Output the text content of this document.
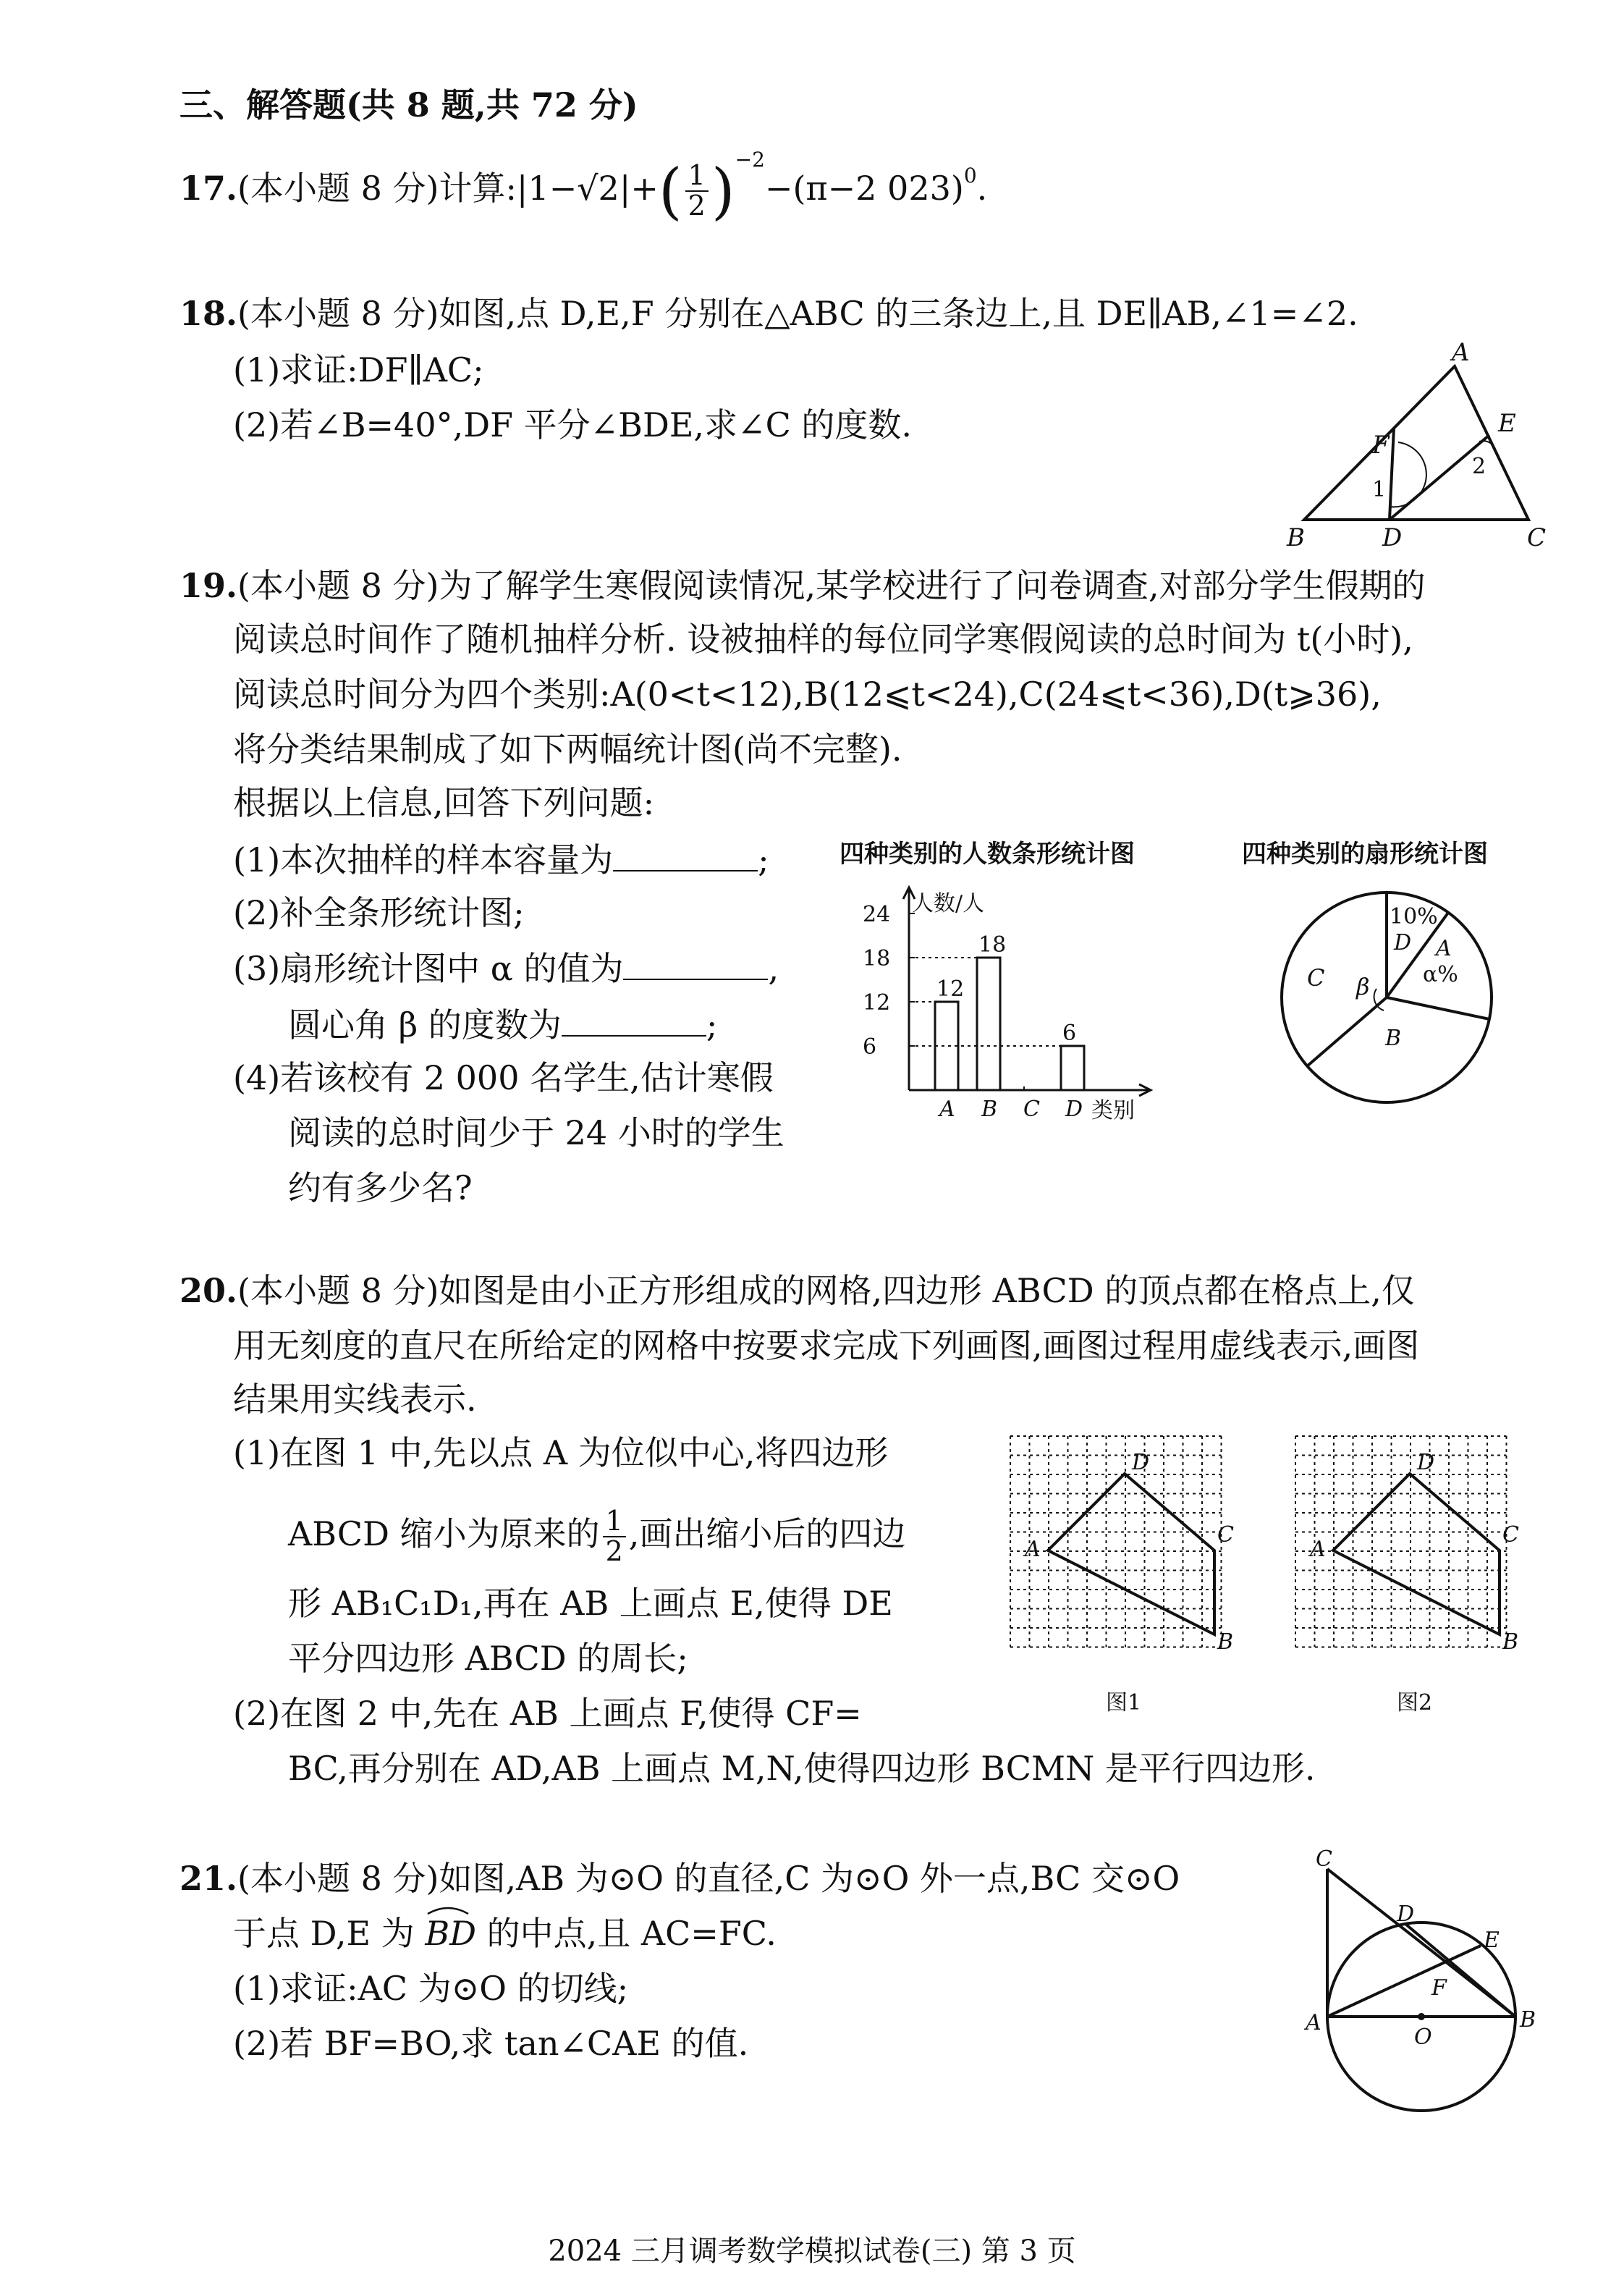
三、解答题(共 8 题,共 72 分)
17.(本小题 8 分)计算:|1−√2|+( $\frac{1}{2} )^{-2}-(\pi-2$ 023)$^0$.
18.(本小题 8 分)如图,点 D,E,F 分别在△ABC 的三条边上,且 DE∥AB,∠1=∠2.
(1)求证:DF∥AC;
(2)若∠B=40°,DF 平分∠BDE,求∠C 的度数.
A
B	D	C
E
F
1
2
19.(本小题 8 分)为了解学生寒假阅读情况,某学校进行了问卷调查,对部分学生假期的
阅读总时间作了随机抽样分析. 设被抽样的每位同学寒假阅读的总时间为 t(小时),
阅读总时间分为四个类别:A(0<t<12),B(12⩽t<24),C(24⩽t<36),D(t⩾36),
将分类结果制成了如下两幅统计图(尚不完整).
根据以上信息,回答下列问题:
(1)本次抽样的样本容量为	;
(2)补全条形统计图;
(3)扇形统计图中 α 的值为	,
圆心角 β 的度数为	;
(4)若该校有 2 000 名学生,估计寒假
阅读的总时间少于 24 小时的学生
约有多少名?
四种类别的人数条形统计图	四种类别的扇形统计图
人数/人
类别
6
12
18
24
12
A
18
B C
6
D
10%
D A
α%
C β
B
20.(本小题 8 分)如图是由小正方形组成的网格,四边形 ABCD 的顶点都在格点上,仅
用无刻度的直尺在所给定的网格中按要求完成下列画图,画图过程用虚线表示,画图
结果用实线表示.
(1)在图 1 中,先以点 A 为位似中心,将四边形
ABCD 缩小为原来的 $\frac{1}{2}$ ,画出缩小后的四边
形 AB₁C₁D₁,再在 AB 上画点 E,使得 DE
平分四边形 ABCD 的周长;
(2)在图 2 中,先在 AB 上画点 F,使得 CF=
BC,再分别在 AD,AB 上画点 M,N,使得四边形 BCMN 是平行四边形.
A
D
C
B
图1
A
D
C
B
图2
21.(本小题 8 分)如图,AB 为⊙O 的直径,C 为⊙O 外一点,BC 交⊙O
于点 D,E 为 BD
的中点,且 AC=FC.
(1)求证:AC 为⊙O 的切线;
(2)若 BF=BO,求 tan∠CAE 的值.
C
D
E
F
A
O
B
2024 三月调考数学模拟试卷(三) 第 3 页
